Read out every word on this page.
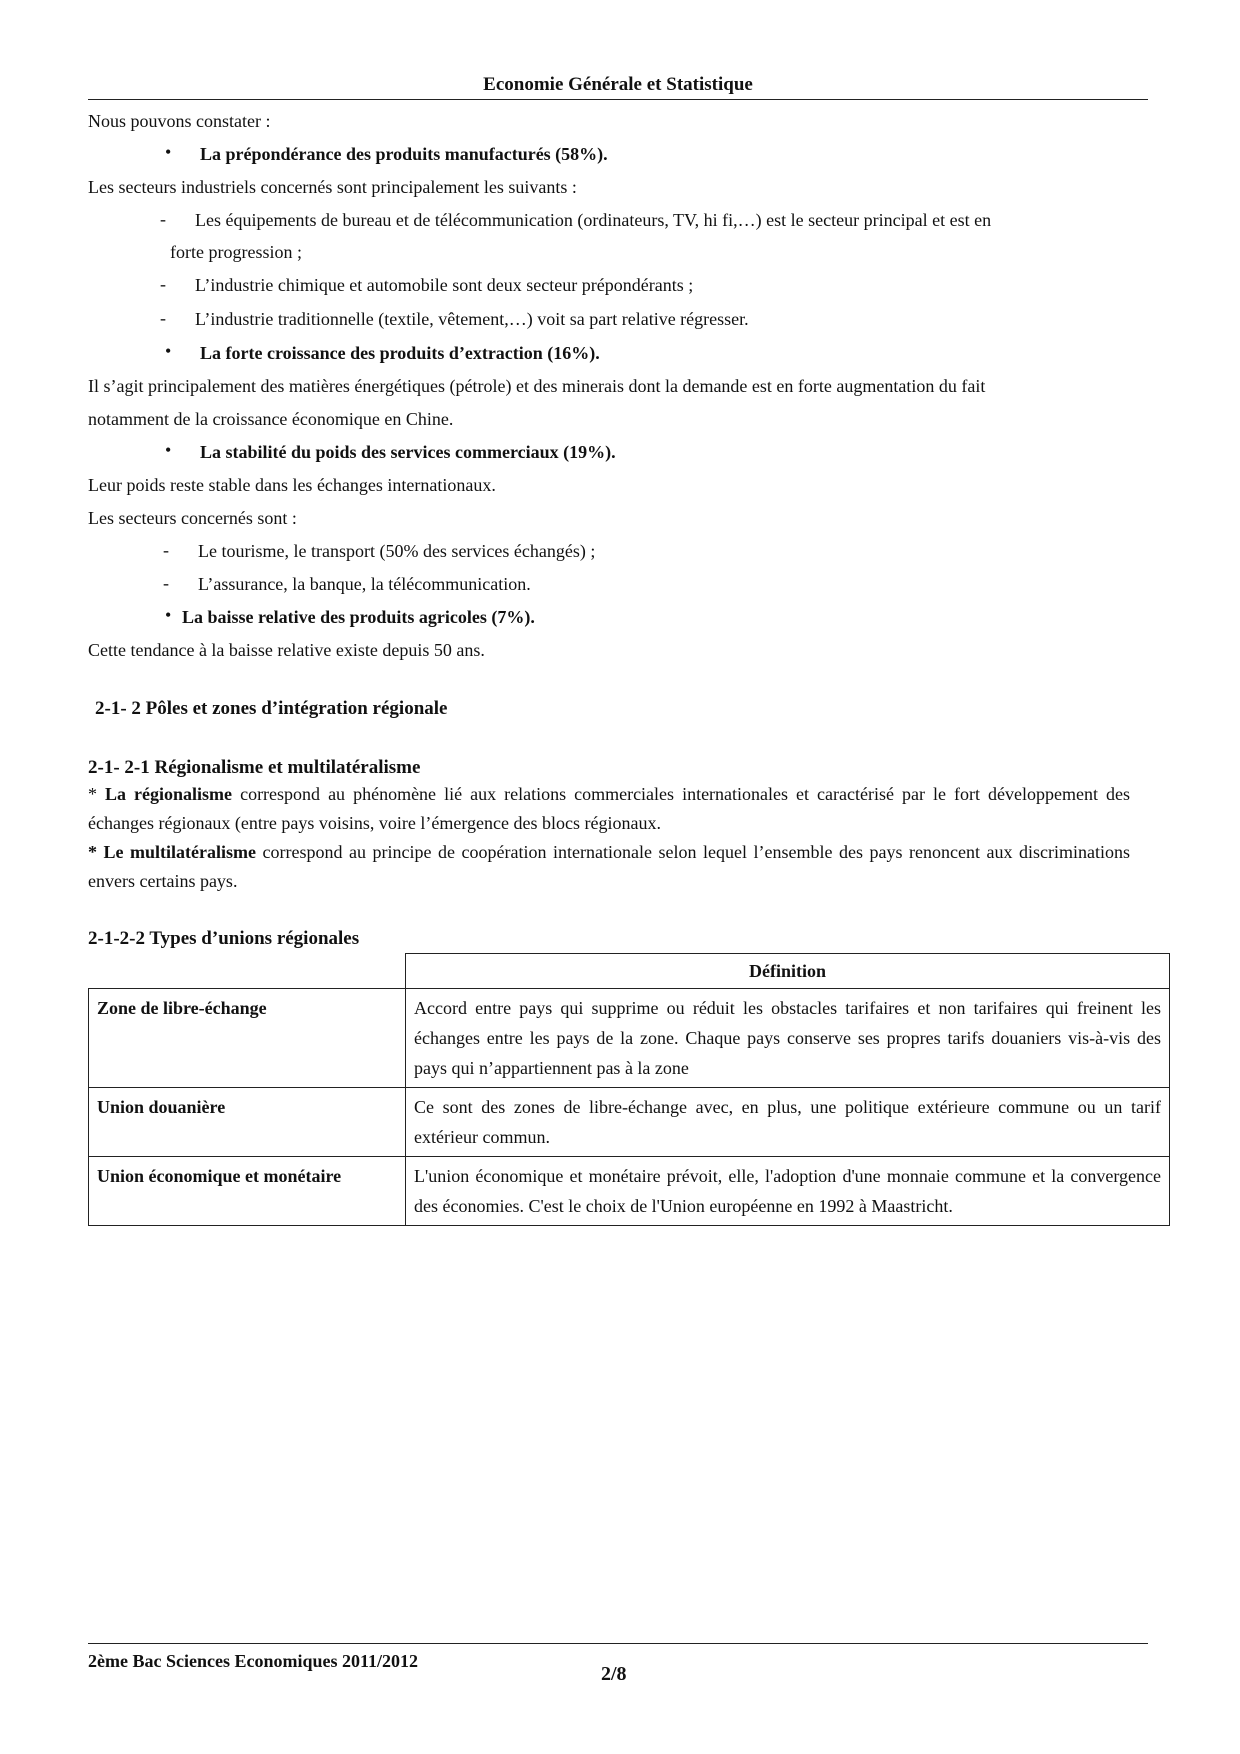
Economie Générale et Statistique
Nous pouvons constater :
• La prépondérance des produits manufacturés (58%).
Les secteurs industriels concernés sont principalement les suivants :
- Les équipements de bureau et de télécommunication (ordinateurs, TV, hi fi,…) est le secteur principal et est en
forte progression ;
- L’industrie chimique et automobile sont deux secteur prépondérants ;
- L’industrie traditionnelle (textile, vêtement,…) voit sa part relative régresser.
• La forte croissance des produits d’extraction (16%).
Il s’agit principalement des matières énergétiques (pétrole) et des minerais dont la demande est en forte augmentation du fait
notamment de la croissance économique en Chine.
• La stabilité du poids des services commerciaux (19%).
Leur poids reste stable dans les échanges internationaux.
Les secteurs concernés sont :
- Le tourisme, le transport (50% des services échangés) ;
- L’assurance, la banque, la télécommunication.
• La baisse relative des produits agricoles (7%).
Cette tendance à la baisse relative existe depuis 50 ans.
2-1- 2 Pôles et zones d’intégration régionale
2-1- 2-1 Régionalisme et multilatéralisme

* La régionalisme correspond au phénomène lié aux relations commerciales internationales et caractérisé par le fort développement des échanges régionaux (entre pays voisins, voire l’émergence des blocs régionaux.

* Le multilatéralisme correspond au principe de coopération internationale selon lequel l’ensemble des pays renoncent aux discriminations envers certains pays.

2-1-2-2 Types d’unions régionales
	Définition
Zone de libre-échange	Accord entre pays qui supprime ou réduit les obstacles tarifaires et non tarifaires qui freinent les échanges entre les pays de la zone. Chaque pays conserve ses propres tarifs douaniers vis-à-vis des pays qui n’appartiennent pas à la zone
Union douanière	Ce sont des zones de libre-échange avec, en plus, une politique extérieure commune ou un tarif extérieur commun.
Union économique et monétaire	L'union économique et monétaire prévoit, elle, l'adoption d'une monnaie commune et la convergence des économies. C'est le choix de l'Union européenne en 1992 à Maastricht.
2ème Bac Sciences Economiques 2011/2012
2/8
